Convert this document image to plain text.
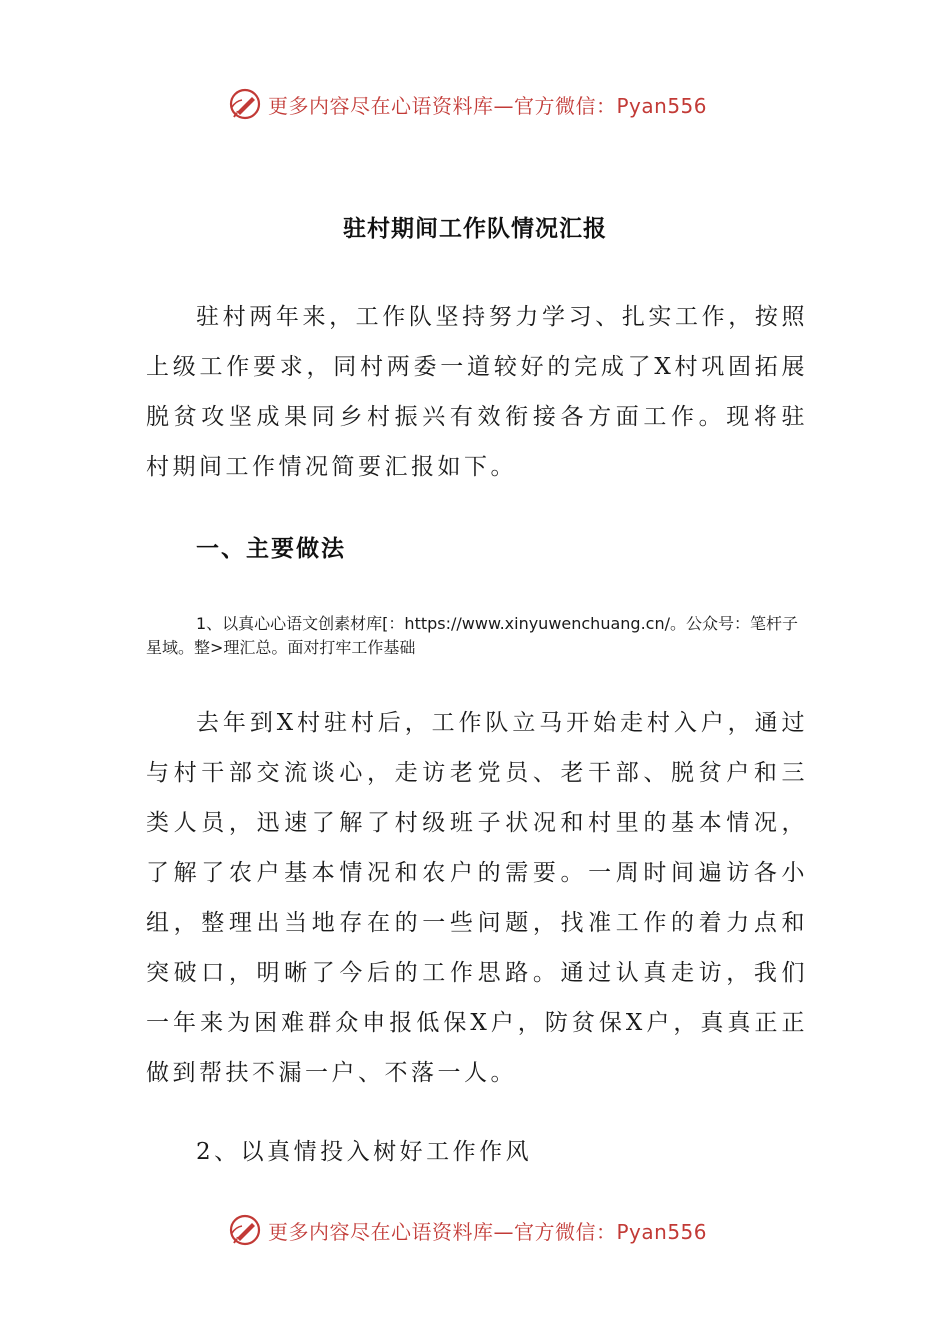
更多内容尽在心语资料库—官方微信：Pyan556
驻村期间工作队情况汇报
驻村两年来，工作队坚持努力学习、扎实工作，按照上级工作要求，同村两委一道较好的完成了X村巩固拓展脱贫攻坚成果同乡村振兴有效衔接各方面工作。现将驻村期间工作情况简要汇报如下。
一、主要做法
1、以真心心语文创素材库[：https://www.xinyuwenchuang.cn/。公众号：笔杆子星域。整>理汇总。面对打牢工作基础
去年到X村驻村后，工作队立马开始走村入户，通过与村干部交流谈心，走访老党员、老干部、脱贫户和三类人员，迅速了解了村级班子状况和村里的基本情况，了解了农户基本情况和农户的需要。一周时间遍访各小组，整理出当地存在的一些问题，找准工作的着力点和突破口，明晰了今后的工作思路。通过认真走访，我们一年来为困难群众申报低保X户，防贫保X户，真真正正做到帮扶不漏一户、不落一人。
2、以真情投入树好工作作风
更多内容尽在心语资料库—官方微信：Pyan556
